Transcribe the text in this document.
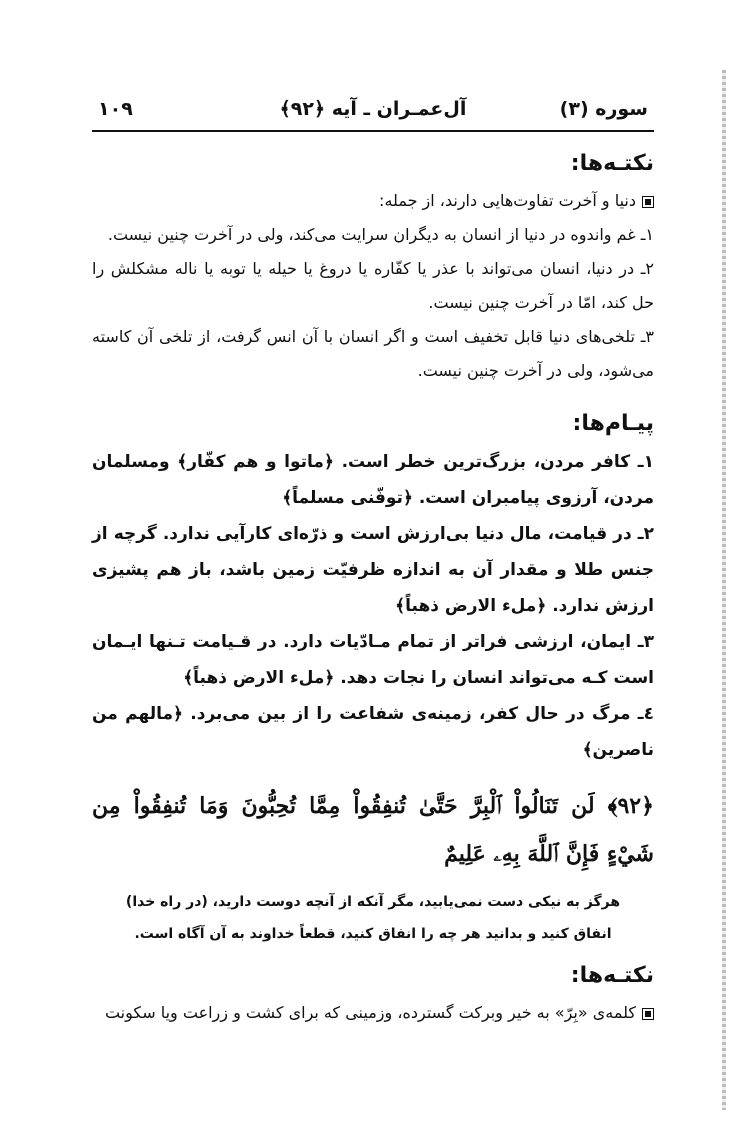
سوره (۳)
آل‌عمـران ـ آیه ﴿۹۲﴾
۱۰۹
نکتـه‌ها:

دنیا و آخرت تفاوت‌هایی دارند، از جمله:

۱ـ غم واندوه در دنیا از انسان به دیگران سرایت می‌کند، ولی در آخرت چنین نیست.

۲ـ در دنیا، انسان می‌تواند با عذر یا کفّاره یا دروغ یا حیله یا توبه یا ناله مشکلش را حل کند، امّا در آخرت چنین نیست.

۳ـ تلخی‌های دنیا قابل تخفیف است و اگر انسان با آن انس گرفت، از تلخی آن کاسته می‌شود، ولی در آخرت چنین نیست.

پیـام‌ها:

۱ـ کافر مردن، بزرگ‌ترین خطر است. ﴿ماتوا و هم کفّار﴾ ومسلمان مردن، آرزوی پیامبران است. ﴿توفّنی مسلماً﴾

۲ـ در قیامت، مال دنیا بی‌ارزش است و ذرّه‌ای کارآیی ندارد. گرچه از جنس طلا و مقدار آن به اندازه ظرفیّت زمین باشد، باز هم پشیزی ارزش ندارد. ﴿ملء الارض ذهباً﴾

۳ـ ایمان، ارزشی فراتر از تمام مـادّیات دارد. در قـیامت تـنها ایـمان است کـه می‌تواند انسان را نجات دهد. ﴿ملء الارض ذهباً﴾

٤ـ مرگ در حال کفر، زمینه‌ی شفاعت را از بین می‌برد. ﴿مالهم من ناصرین﴾

﴿۹۲﴾ لَن تَنَالُواْ ٱلْبِرَّ حَتَّىٰ تُنفِقُواْ مِمَّا تُحِبُّونَ وَمَا تُنفِقُواْ مِن شَيْءٍ فَإِنَّ ٱللَّهَ بِهِۦ عَلِيمٌ
هرگز به نیکی دست نمی‌یابید، مگر آنکه از آنچه دوست دارید، (در راه خدا)
انفاق کنید و بدانید هر چه را انفاق کنید، قطعاً خداوند به آن آگاه است.
نکتـه‌ها:

کلمه‌ی «بِرّ» به خیر وبرکت گسترده، وزمینی که برای کشت و زراعت ویا سکونت
